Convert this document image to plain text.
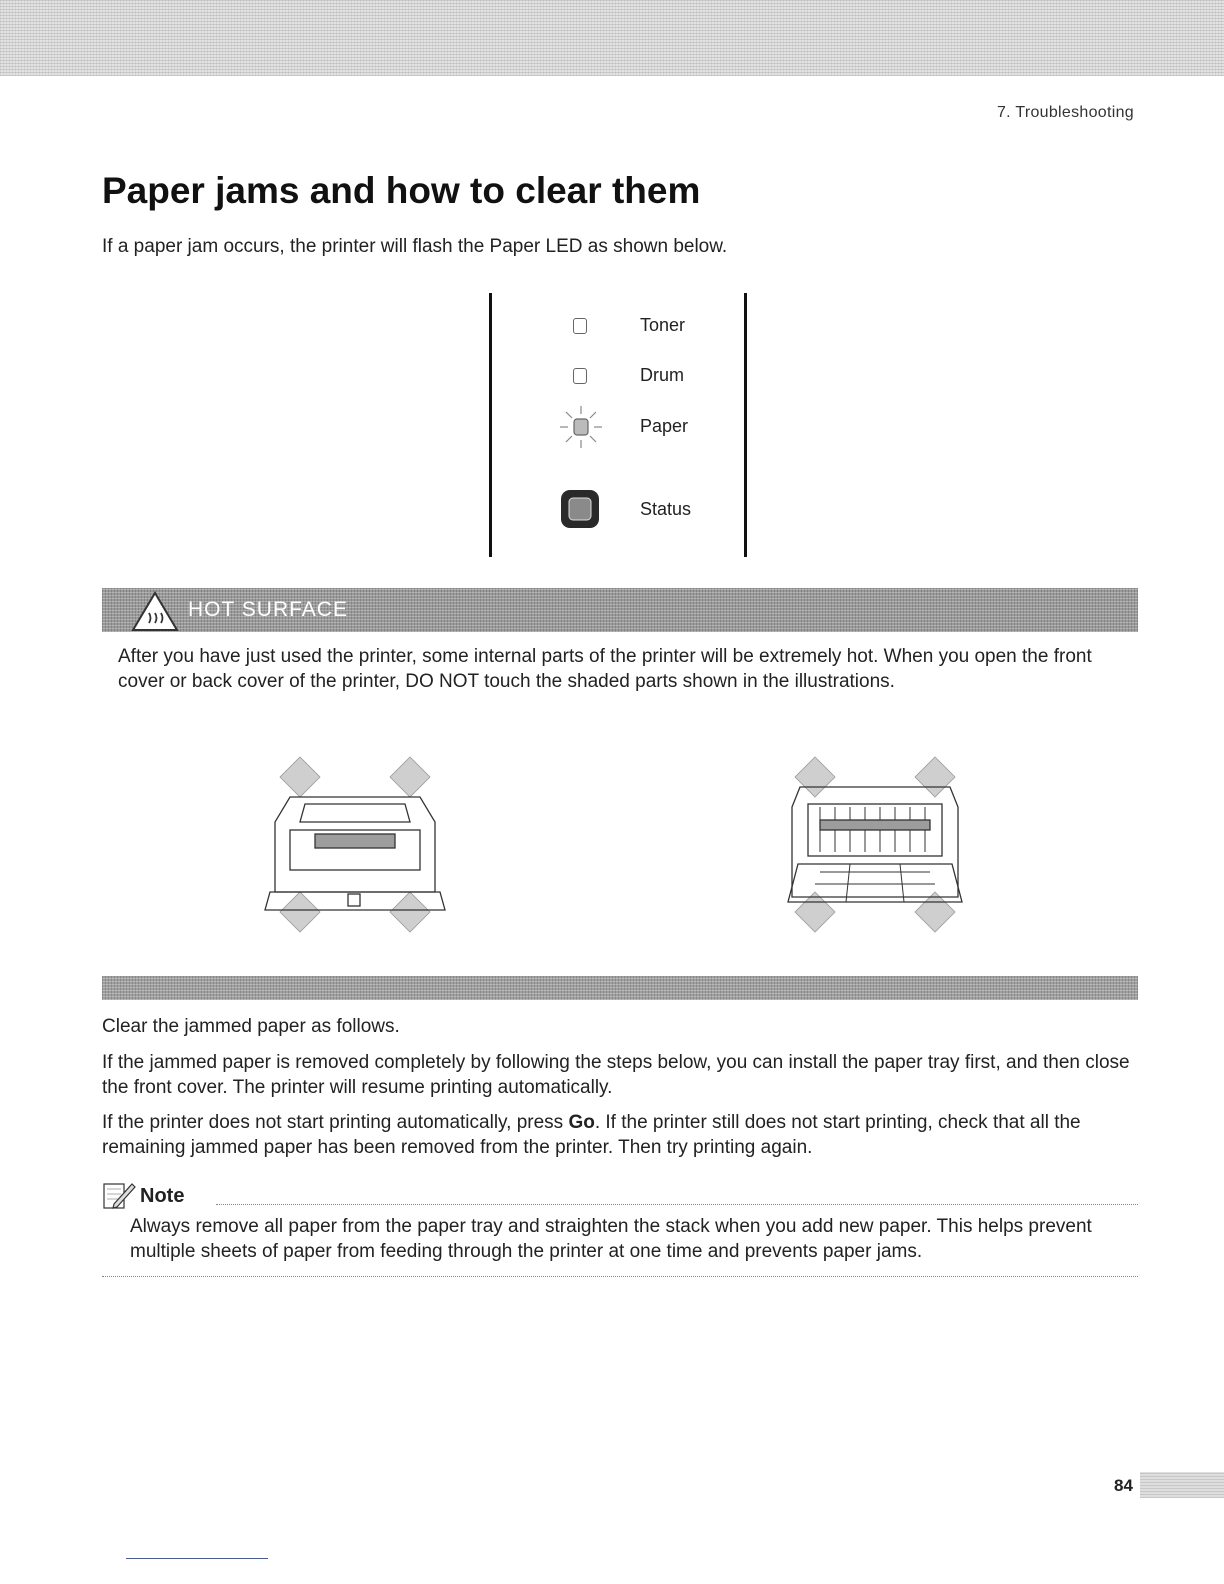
7. Troubleshooting
Paper jams and how to clear them

If a paper jam occurs, the printer will flash the Paper LED as shown below.

Toner
Drum
Paper
Status
HOT SURFACE

After you have just used the printer, some internal parts of the printer will be extremely hot. When you open the front cover or back cover of the printer, DO NOT touch the shaded parts shown in the illustrations.

Clear the jammed paper as follows.

If the jammed paper is removed completely by following the steps below, you can install the paper tray first, and then close the front cover. The printer will resume printing automatically.

If the printer does not start printing automatically, press Go. If the printer still does not start printing, check that all the remaining jammed paper has been removed from the printer. Then try printing again.

Note

Always remove all paper from the paper tray and straighten the stack when you add new paper. This helps prevent multiple sheets of paper from feeding through the printer at one time and prevents paper jams.

84
